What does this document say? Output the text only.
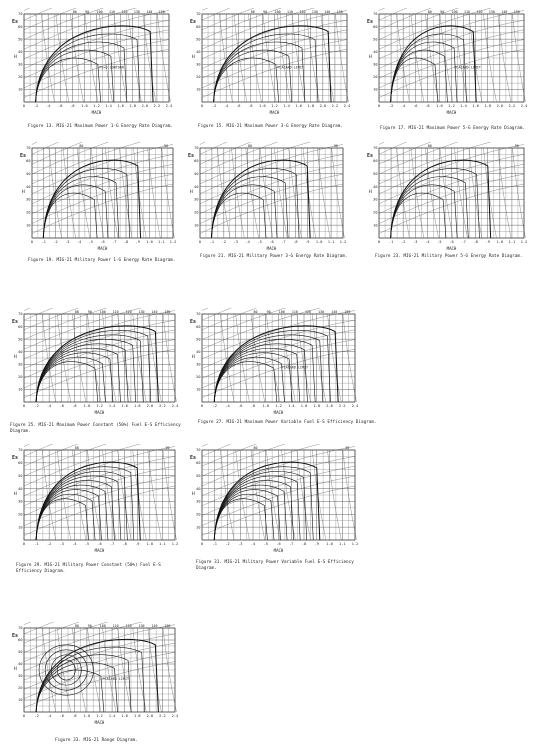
0 .2 .4 .6 .8 1.0 1.2 1.4 1.6 1.8 2.0 2.2 2.4
10
20
30
40
50
60
70
80	90 100 110 120 130 140 150
Es
H
MACH
PS=0 CONTOUR
Figure 13. MIG-21 Maximum Power 1-G Energy Rate Diagram.
0 .2 .4 .6 .8 1.0 1.2 1.4 1.6 1.8 2.0 2.2 2.4
10
20
30
40
50
60
70
80	90 100 110 120 130 140 150
Es
H
MACH
PLACARD LIMIT
Figure 15. MIG-21 Maximum Power 3-G Energy Rate Diagram.
0 .2 .4 .6 .8 1.0 1.2 1.4 1.6 1.8 2.0 2.2 2.4
10
20
30
40
50
60
70
80	90 100 110 120 130 140 150
Es
H
MACH
PLACARD LIMIT
Figure 17. MIG-21 Maximum Power 5-G Energy Rate Diagram.
0 .1 .2 .3 .4 .5 .6 .7 .8 .9 1.0 1.1 1.2
10
20
30
40
50
60
70
80	90
Es
H
MACH
Figure 19. MIG-21 Military Power 1-G Energy Rate Diagram.
0 .1 .2 .3 .4 .5 .6 .7 .8 .9 1.0 1.1 1.2
10
20
30
40
50
60
70
80	90
Es
H
MACH
Figure 21. MIG-21 Military Power 3-G Energy Rate Diagram.
0 .1 .2 .3 .4 .5 .6 .7 .8 .9 1.0 1.1 1.2
10
20
30
40
50
60
70
80	90
Es
H
MACH
Figure 23. MIG-21 Military Power 5-G Energy Rate Diagram.
0	.2 .4 .6 .8 1.0 1.2 1.4 1.6 1.8 2.0 2.2 2.4
10
20
30
40
50
60
70
80	90 100 110 120 130 140 150
Es
H
MACH
Figure 25. MIG-21 Maximum Power Constant (50%) Fuel E-S Efficiency Diagram.
0	.2 .4 .6 .8 1.0 1.2 1.4 1.6 1.8 2.0 2.2 2.4
10
20
30
40
50
60
70
80	90 100 110 120 130 140 150
Es
H
MACH
PLACARD LIMIT
Figure 27. MIG-21 Maximum Power Variable Fuel E-S Efficiency Diagram.
0	.1 .2 .3 .4 .5 .6 .7 .8 .9 1.0 1.1 1.2
10
20
30
40
50
60
70
80	90
Es
H
MACH
Figure 29. MIG-21 Military Power Constant (50%) Fuel E-S Efficiency Diagram.
0	.1 .2 .3 .4 .5 .6 .7 .8 .9 1.0 1.1 1.2
10
20
30
40
50
60
70
80	90
Es
H
MACH
Figure 31. MIG-21 Military Power Variable Fuel E-S Efficiency Diagram.
0	.2 .4 .6 .8 1.0 1.2 1.4 1.6 1.8 2.0 2.2 2.4
10
20
30
40
50
60
70
80	90 100 110 120 130 140 150
Es
H
MACH
PLACARD LIMIT
Figure 33. MIG-21 Range Diagram.
